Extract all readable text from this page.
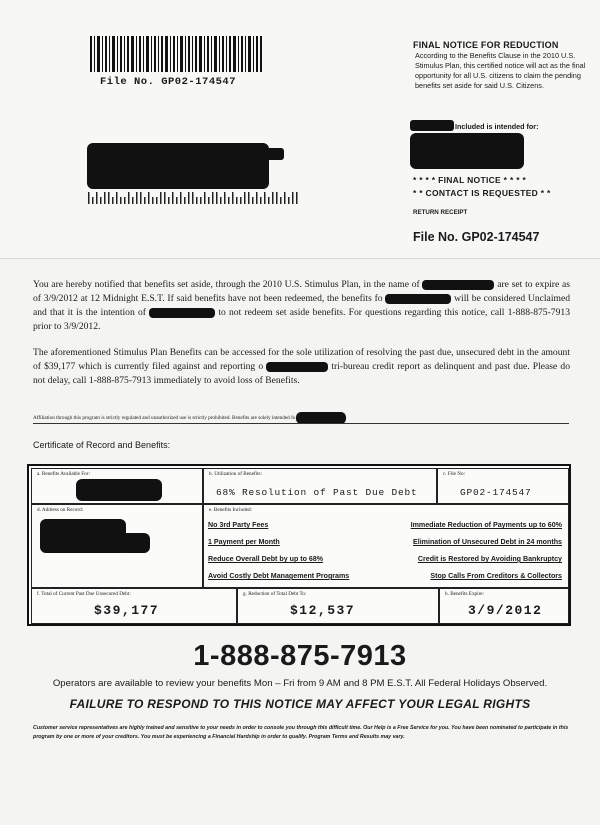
File No. GP02-174547
FINAL NOTICE FOR REDUCTION
According to the Benefits Clause in the 2010 U.S. Stimulus Plan, this certified notice will act as the final opportunity for all U.S. citizens to claim the pending benefits set aside for said U.S. Citizens.
Included is intended for:
* * * * FINAL NOTICE * * * *
* * CONTACT IS REQUESTED * *
RETURN RECEIPT
File No. GP02-174547
You are hereby notified that benefits set aside, through the 2010 U.S. Stimulus Plan, in the name of	are set to expire as of 3/9/2012 at 12 Midnight E.S.T. If said benefits have not been redeemed, the benefits fo	will be considered Unclaimed and that it is the intention of	to not redeem set aside benefits. For questions regarding this notice, call 1-888-875-7913 prior to 3/9/2012.
The aforementioned Stimulus Plan Benefits can be accessed for the sole utilization of resolving the past due, unsecured debt in the amount of $39,177 which is currently filed against and reporting o	tri-bureau credit report as delinquent and past due. Please do not delay, call 1-888-875-7913 immediately to avoid loss of Benefits.
Affiliation through this program is strictly regulated and unauthorized use is strictly prohibited. Benefits are solely intended fo
Certificate of Record and Benefits:
a. Benefits Available For:	b. Utilization of Benefits:
68% Resolution of Past Due Debt
c. File No:
GP02-174547
d. Address on Record:	e. Benefits Included:
No 3rd Party Fees
1 Payment per Month
Reduce Overall Debt by up to 68%
Avoid Costly Debt Management Programs
Immediate Reduction of Payments up to 60%
Elimination of Unsecured Debt in 24 months
Credit is Restored by Avoiding Bankruptcy
Stop Calls From Creditors & Collectors
f. Total of Current Past Due Unsecured Debt:
$39,177
g. Reduction of Total Debt To:
$12,537
h. Benefits Expire:
3/9/2012
1-888-875-7913
Operators are available to review your benefits Mon – Fri from 9 AM and 8 PM E.S.T. All Federal Holidays Observed.
FAILURE TO RESPOND TO THIS NOTICE MAY AFFECT YOUR LEGAL RIGHTS
Customer service representatives are highly trained and sensitive to your needs in order to console you through this difficult time. Our Help is a Free Service for you. You have been nominated to participate in this program by one or more of your creditors. You must be experiencing a Financial Hardship in order to qualify. Program Terms and Results may vary.
